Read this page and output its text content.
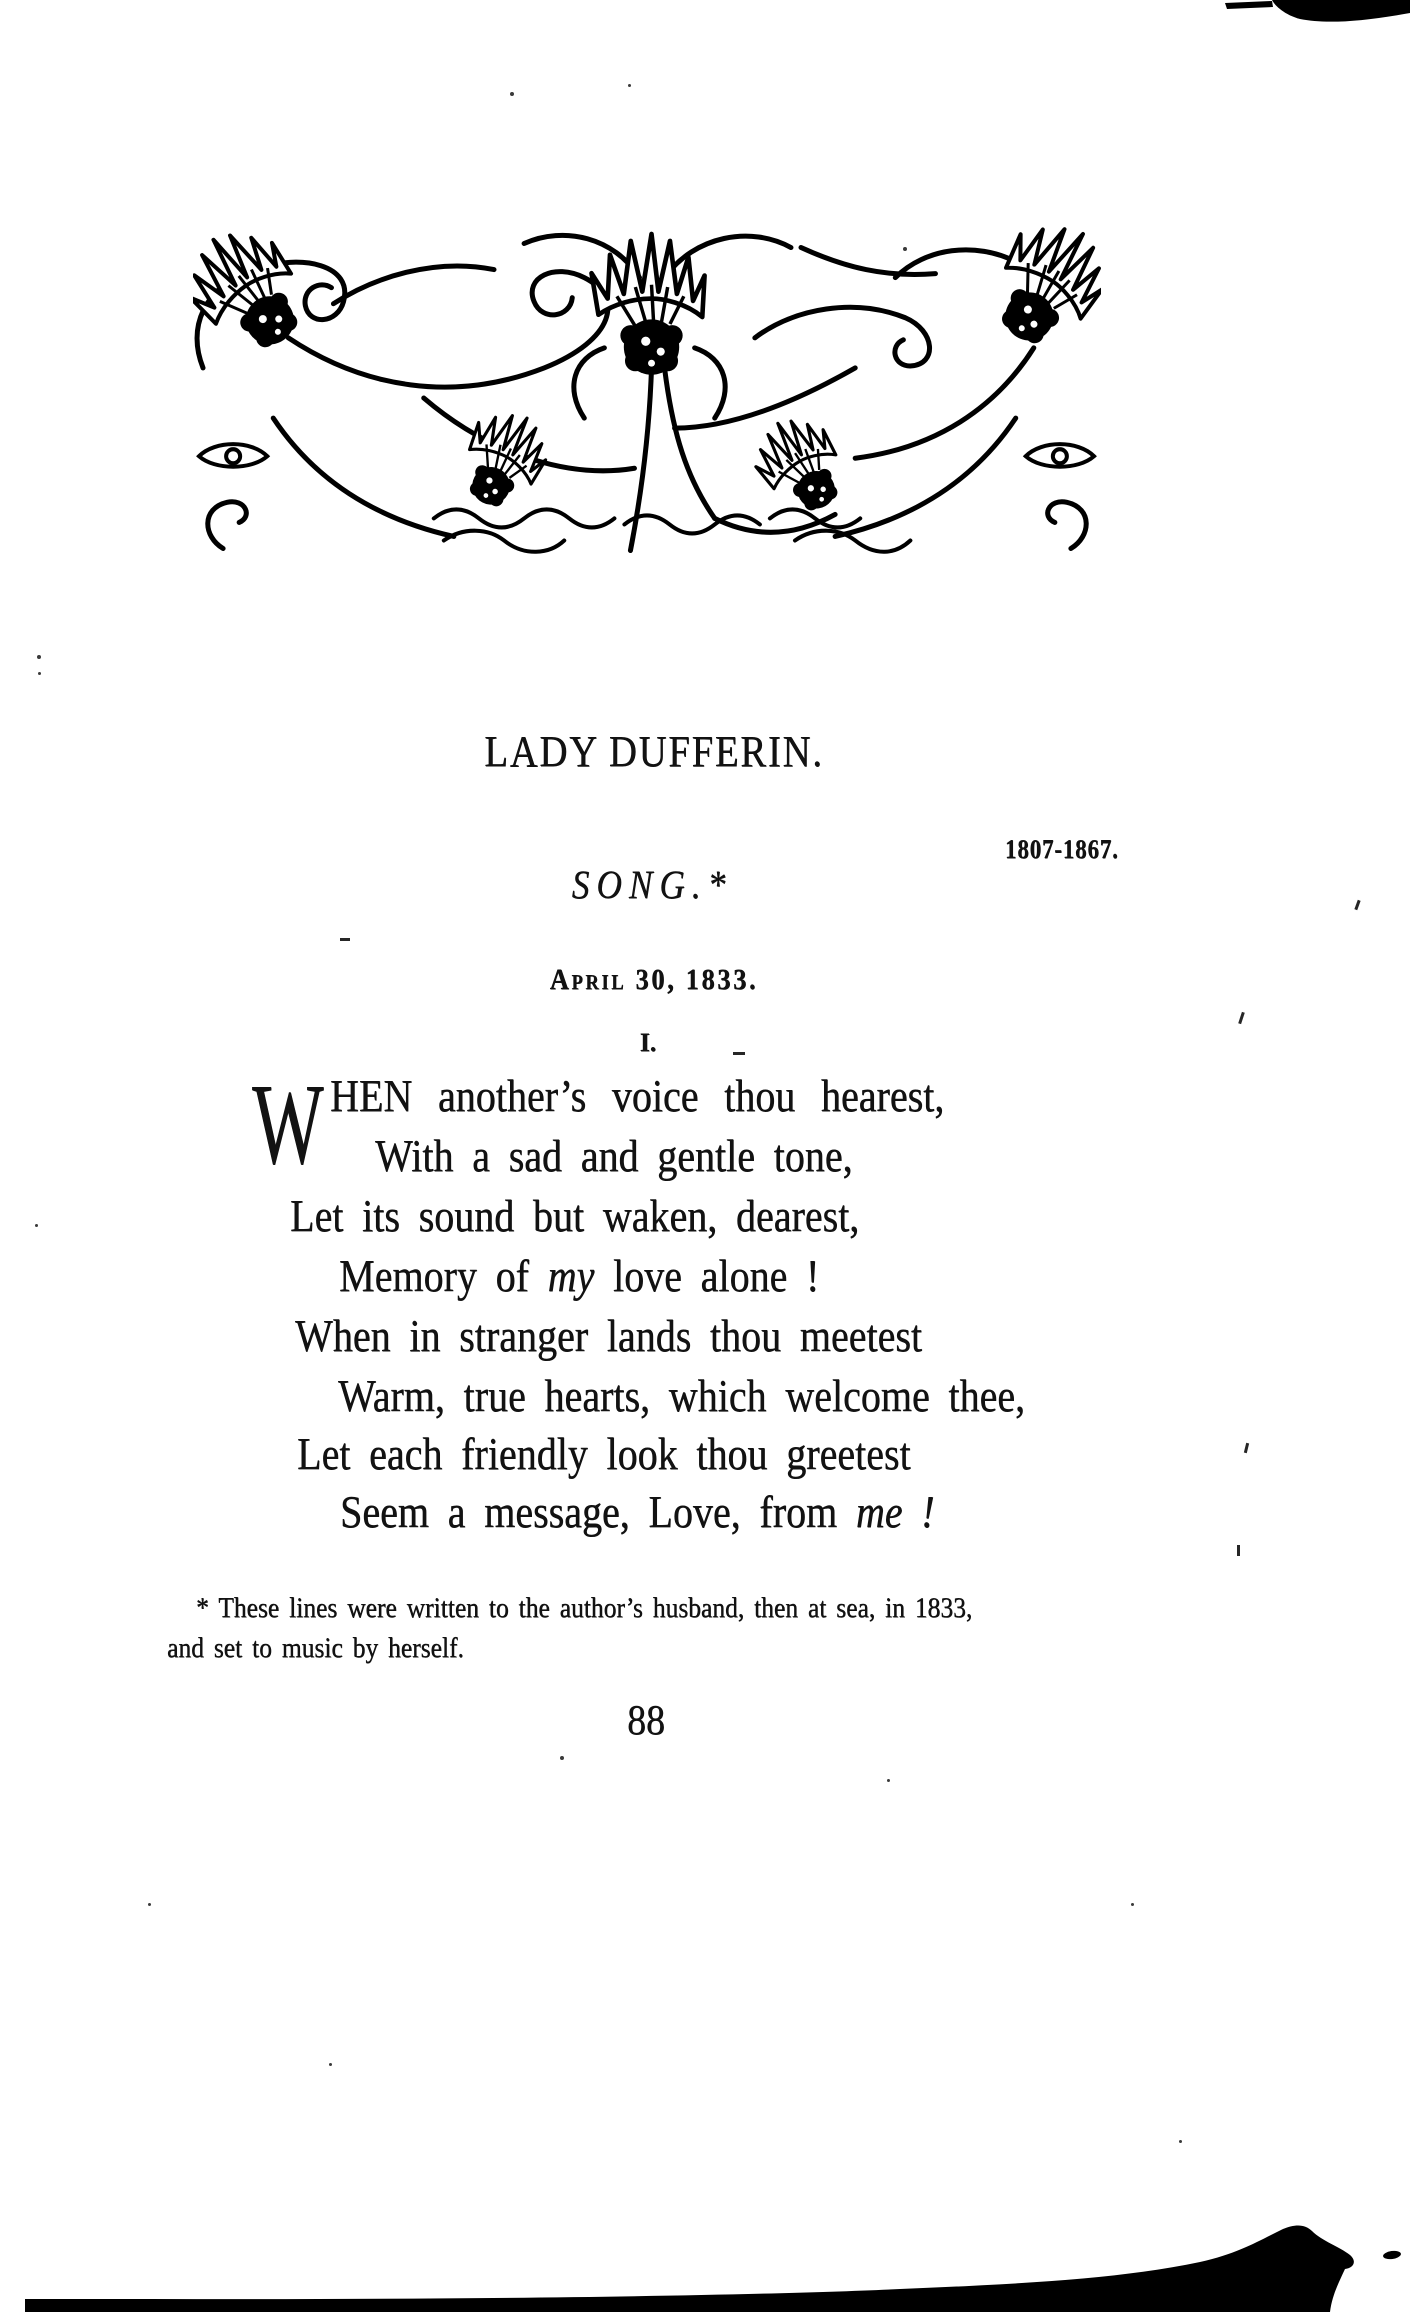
LADY DUFFERIN.
1807-1867.
SONG.*
April 30, 1833.
I.
W HEN another’s voice thou hearest,
With a sad and gentle tone,
Let its sound but waken, dearest,
Memory of my love alone !
When in stranger lands thou meetest
Warm, true hearts, which welcome thee,
Let each friendly look thou greetest
Seem a message, Love, from me !
* These lines were written to the author’s husband, then at sea, in 1833,
and set to music by herself.
88
